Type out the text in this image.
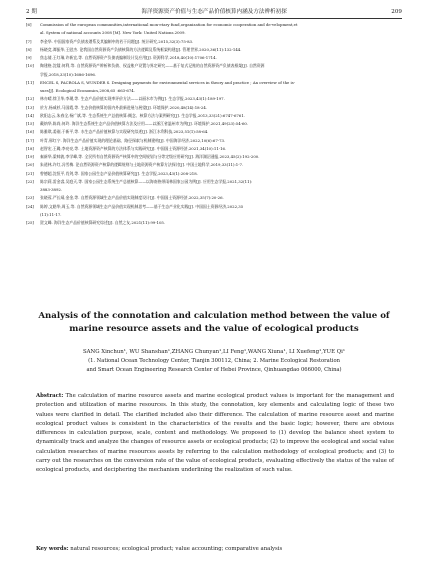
2 期	海洋资源资产价值与生态产品价值核算内涵及方法辨析初探	209
[6]	Commission of the european communities,international mon-etary fund,organization for economic cooperation and de-velopment,et
al. System of national accounts 2008 [M]. New York: United Nations.2009.
[7]	李金华. 中国国家资产负债表谱系及其编制中的若干问题[J]. 统计研究,2015,32(3):75-83.
[8]	杨晓竞,谭振华,王慰杰. 论我国自然资源资产负债核算的方法逻辑及系统框架构建[J]. 管理世界,2020,36(11):132-144.
[9]	焦志倩,王红瑞,许新宜,等. 自然资源资产负债表编制设计及应用[J]. 资源科学,2018,40(10):1706-1714.
[10]	陶建格,沈镭,何利,等. 自然资源资产辨析和负债、权益账户设置与界定研究——基于复式记账的自然资源资产负债表框架[J]. 自然资源
学报,2018,33(10):1686-1696.
[11]	ENCEL S, PACROLA S, WUNDER S. Designing payments for environmental services in theory and practice ; An overview of the is-
sues[J]. Ecological Economics,2008,65 :663-674.
[12]	林亦晴,徐卫华,李璞,等. 生态产品价值实现率评价方法——以丽水市为例[J]. 生态学报,2023,43(1):189-197.
[13]	於方,杨威杉,马国霞,等. 生态价值核算的国内外最新进展与展望[J]. 环境保护,2020,48(14):18-24.
[14]	欧阳志云,朱春全,杨广斌,等. 生态系统生产总值核算:概念、核算方法与案例研究[J]. 生态学报,2013,33(21):6747-6761.
[15]	戴纳华,陈尚,何玲. 海洋生态系统生态产品价值核算方法及应用——以浙江省温州市为例[J]. 环境保护,2021,49(23):54-60.
[16]	陈雅琪,姜刚,于新平,等. 水生态产品价值核算与实现研究综述[J]. 浙江水利科技,2023,51(1):58-64.
[17]	叶青,邢红宁. 海洋生态产品价值实现的理论基础、路径探索与机制建构[J]. 中国海洋经济,2022,10(6):67-73.
[18]	赵智宏,王璐,李亮亮,等. 土地资源资产核算的方法体系与实践研究[J]. 中国国土资源经济,2021,34(10):11-16.
[19]	秦新华,梁帅波,李学峰,等. 全民所有自然资源资产核算中的空间规划与分等定级应用研究[J]. 海洋湖沼通报,2023,45(2):192-200.
[20]	朱道林,许红,冯雪梅. 论自然资源资产核算的逻辑规则与土地资源资产核算方法探讨[J]. 中国土地科学,2019,33(11):1-7.
[21]	曾德超,沈恒平,肖剑,等. 国家公园生态产品价值核算研究[J]. 生态学报,2023,43(1):208-218.
[22]	陈宗莉,雷金睿,吴庭天,等. 国家公园生态系统生产总值核算——以海南热带雨林国家公园为例[J]. 应用生态学报,2021,32(11):
3883-3892.
[23]	张晓蓉,严长靖,金金,等. 自然资源领域生态产品价值实现制度设计[J]. 中国国土资源经济,2022,35(7):20-26.
[24]	陈婷,文皓华,周玉,等. 自然资源领域生态产品价值实现机制思考——基于生态产业化实践[J]. 中国国土资源经济,2022,35
(11):11-17.
[25]	贺文峰. 海洋生态产品价值核算研究综述[J]. 自然之友,2021(11):99-105.
Analysis of the connotation and calculation method between the value of
marine resource assets and the value of ecological products
SANG Xinchun¹, WU Shanshan¹,ZHANG Chunyan¹,LI Feng¹,WANG Xiuna¹, LI Xuefeng¹,YUE Qi¹
(1. National Ocean Technology Center, Tianjin 300112, China; 2. Marine Ecological Restoration
and Smart Ocean Engineering Research Center of Hebei Province, Qinhuangdao 066000, China)
Abstract: The calculation of marine resource assets and marine ecological product values is important for the management and protection and utilization of marine resources. In this study, the connotation, key elements and calculating logic of these two values were clarified in detail. The clarified included also their difference. The calculation of marine resource asset and marine ecological product values is consistent in the characteristics of the results and the basic logic; however, there are obvious differences in calculation purpose, scale, content and methodology. We proposed to (1) develop the balance sheet system to dynamically track and analyze the changes of resource assets or ecological products; (2) to improve the ecological and social value calculation researches of marine resources assets by referring to the calculation methodology of ecological products; and (3) to carry out the researches on the conversion rate of the value of ecological products, evaluating effectively the status of the value of ecological products, and deciphering the mechanism underlining the realization of such value.
Key words: natural resources; ecological product; value accounting; comparative analysis
